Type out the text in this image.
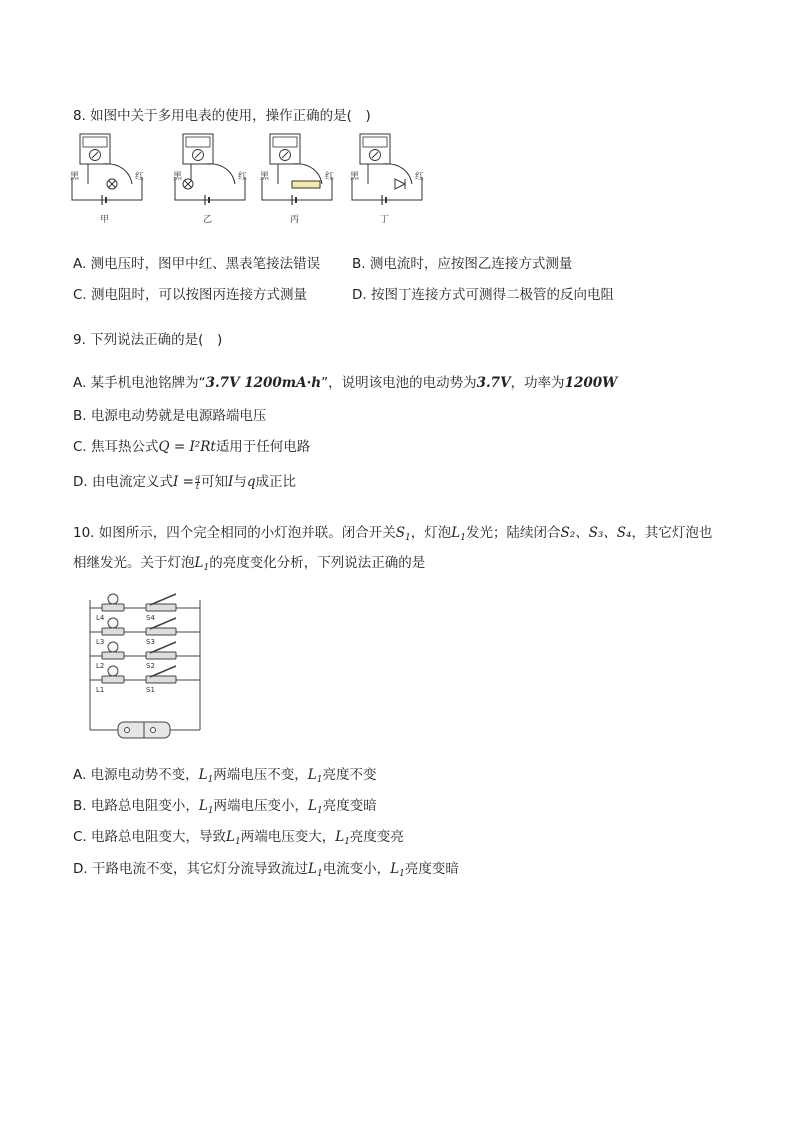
8. 如图中关于多用电表的使用，操作正确的是(　)
黑	红
甲
黑	红
乙
黑	红
丙
黑	红
丁
A. 测电压时，图甲中红、黑表笔接法错误 B. 测电流时，应按图乙连接方式测量
C. 测电阻时，可以按图丙连接方式测量	D. 按图丁连接方式可测得二极管的反向电阻
9. 下列说法正确的是(　)
A. 某手机电池铭牌为“3.7V 1200mA·h”，说明该电池的电动势为3.7V，功率为1200W
B. 电源电动势就是电源路端电压
C. 焦耳热公式Q = I²Rt适用于任何电路
D. 由电流定义式$I = \frac{q}{t}$ 可知I与q成正比
10. 如图所示，四个完全相同的小灯泡并联。闭合开关$S_1$，灯泡$L_1$发光；陆续闭合S₂、S₃、S₄，其它灯泡也
相继发光。关于灯泡$L_1$的亮度变化分析，下列说法正确的是
L4	S4
L3	S3
L2	S2
L1	S1
A. 电源电动势不变，$L_1$两端电压不变，$L_1$亮度不变
B. 电路总电阻变小，$L_1$两端电压变小，$L_1$亮度变暗
C. 电路总电阻变大，导致$L_1$两端电压变大，$L_1$亮度变亮
D. 干路电流不变，其它灯分流导致流过$L_1$电流变小，$L_1$亮度变暗
